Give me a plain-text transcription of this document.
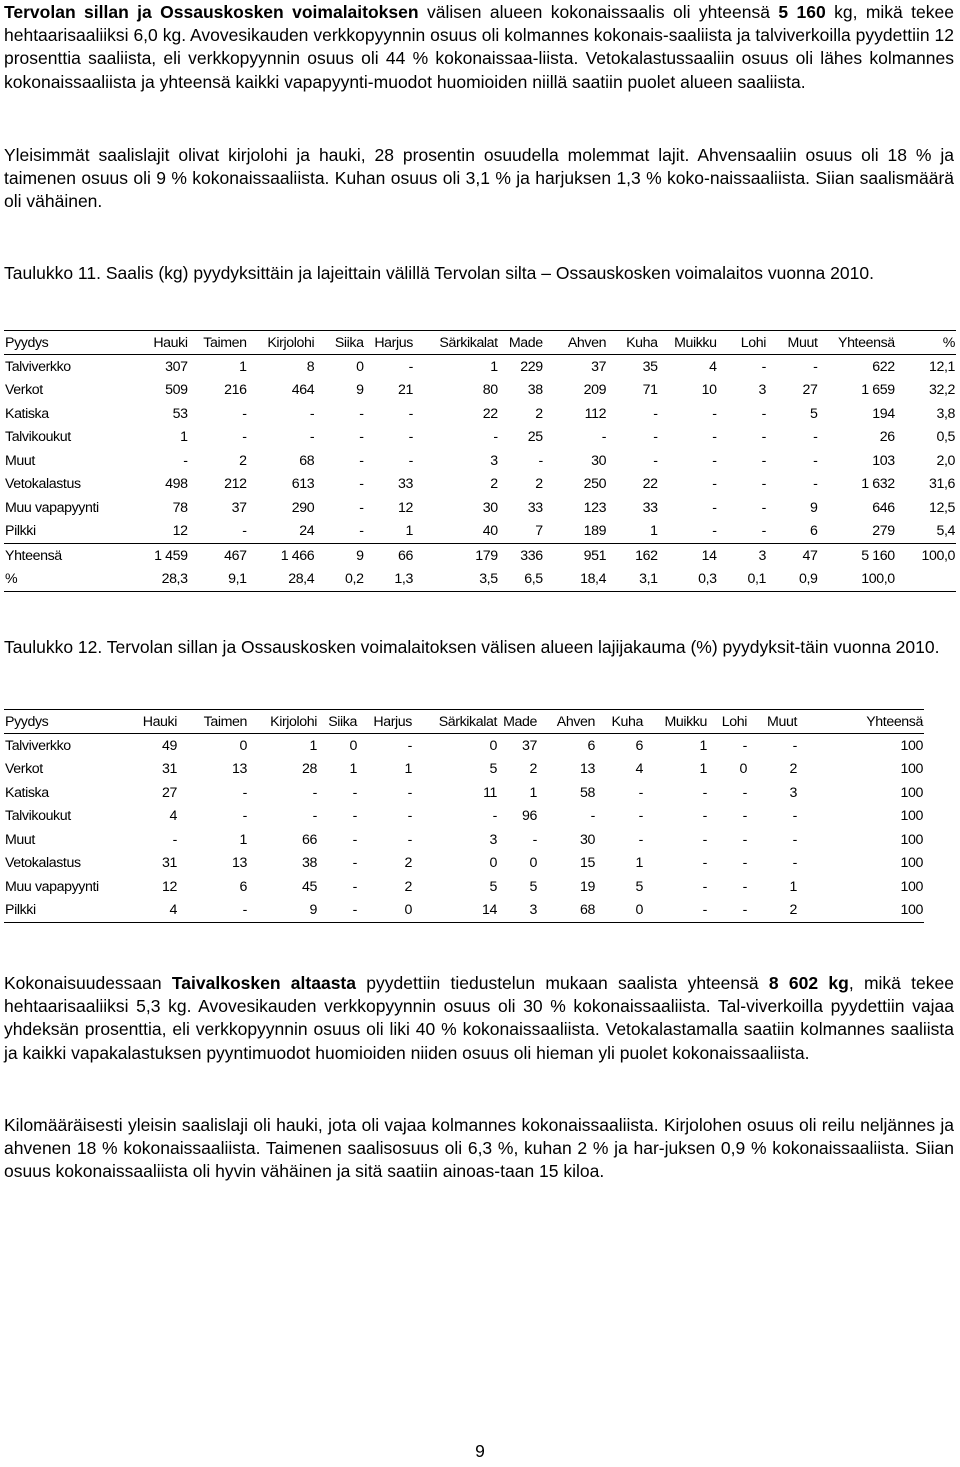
Tervolan sillan ja Ossauskosken voimalaitoksen välisen alueen kokonaissaalis oli yhteensä 5 160 kg, mikä tekee hehtaarisaaliiksi 6,0 kg. Avovesikauden verkkopyynnin osuus oli kolmannes kokonais-saaliista ja talviverkoilla pyydettiin 12 prosenttia saaliista, eli verkkopyynnin osuus oli 44 % kokonaissaa-liista. Vetokalastussaaliin osuus oli lähes kolmannes kokonaissaaliista ja yhteensä kaikki vapapyynti-muodot huomioiden niillä saatiin puolet alueen saaliista.

Yleisimmät saalislajit olivat kirjolohi ja hauki, 28 prosentin osuudella molemmat lajit. Ahvensaaliin osuus oli 18 % ja taimenen osuus oli 9 % kokonaissaaliista. Kuhan osuus oli 3,1 % ja harjuksen 1,3 % koko-naissaaliista. Siian saalismäärä oli vähäinen.

Taulukko 11. Saalis (kg) pyydyksittäin ja lajeittain välillä Tervolan silta – Ossauskosken voimalaitos vuonna 2010.

Pyydys	Hauki	Taimen	Kirjolohi	Siika	Harjus	Särkikalat	Made	Ahven	Kuha	Muikku	Lohi	Muut	Yhteensä	%
Talviverkko	307	1	8	0	-	1	229	37	35	4	-	-	622	12,1
Verkot	509	216	464	9	21	80	38	209	71	10	3	27	1 659	32,2
Katiska	53	-	-	-	-	22	2	112	-	-	-	5	194	3,8
Talvikoukut	1	-	-	-	-	-	25	-	-	-	-	-	26	0,5
Muut	-	2	68	-	-	3	-	30	-	-	-	-	103	2,0
Vetokalastus	498	212	613	-	33	2	2	250	22	-	-	-	1 632	31,6
Muu vapapyynti	78	37	290	-	12	30	33	123	33	-	-	9	646	12,5
Pilkki	12	-	24	-	1	40	7	189	1	-	-	6	279	5,4
Yhteensä	1 459	467	1 466	9	66	179	336	951	162	14	3	47	5 160	100,0
%	28,3	9,1	28,4	0,2	1,3	3,5	6,5	18,4	3,1	0,3	0,1	0,9	100,0	

Taulukko 12. Tervolan sillan ja Ossauskosken voimalaitoksen välisen alueen lajijakauma (%) pyydyksit-täin vuonna 2010.

Pyydys	Hauki	Taimen	Kirjolohi	Siika	Harjus	Särkikalat	Made	Ahven	Kuha	Muikku	Lohi	Muut	Yhteensä
Talviverkko	49	0	1	0	-	0	37	6	6	1	-	-	100
Verkot	31	13	28	1	1	5	2	13	4	1	0	2	100
Katiska	27	-	-	-	-	11	1	58	-	-	-	3	100
Talvikoukut	4	-	-	-	-	-	96	-	-	-	-	-	100
Muut	-	1	66	-	-	3	-	30	-	-	-	-	100
Vetokalastus	31	13	38	-	2	0	0	15	1	-	-	-	100
Muu vapapyynti	12	6	45	-	2	5	5	19	5	-	-	1	100
Pilkki	4	-	9	-	0	14	3	68	0	-	-	2	100

Kokonaisuudessaan Taivalkosken altaasta pyydettiin tiedustelun mukaan saalista yhteensä 8 602 kg, mikä tekee hehtaarisaaliiksi 5,3 kg. Avovesikauden verkkopyynnin osuus oli 30 % kokonaissaaliista. Tal-viverkoilla pyydettiin vajaa yhdeksän prosenttia, eli verkkopyynnin osuus oli liki 40 % kokonaissaaliista. Vetokalastamalla saatiin kolmannes saaliista ja kaikki vapakalastuksen pyyntimuodot huomioiden niiden osuus oli hieman yli puolet kokonaissaaliista.

Kilomääräisesti yleisin saalislaji oli hauki, jota oli vajaa kolmannes kokonaissaaliista. Kirjolohen osuus oli reilu neljännes ja ahvenen 18 % kokonaissaaliista. Taimenen saalisosuus oli 6,3 %, kuhan 2 % ja har-juksen 0,9 % kokonaissaaliista. Siian osuus kokonaissaaliista oli hyvin vähäinen ja sitä saatiin ainoas-taan 15 kiloa.

9
